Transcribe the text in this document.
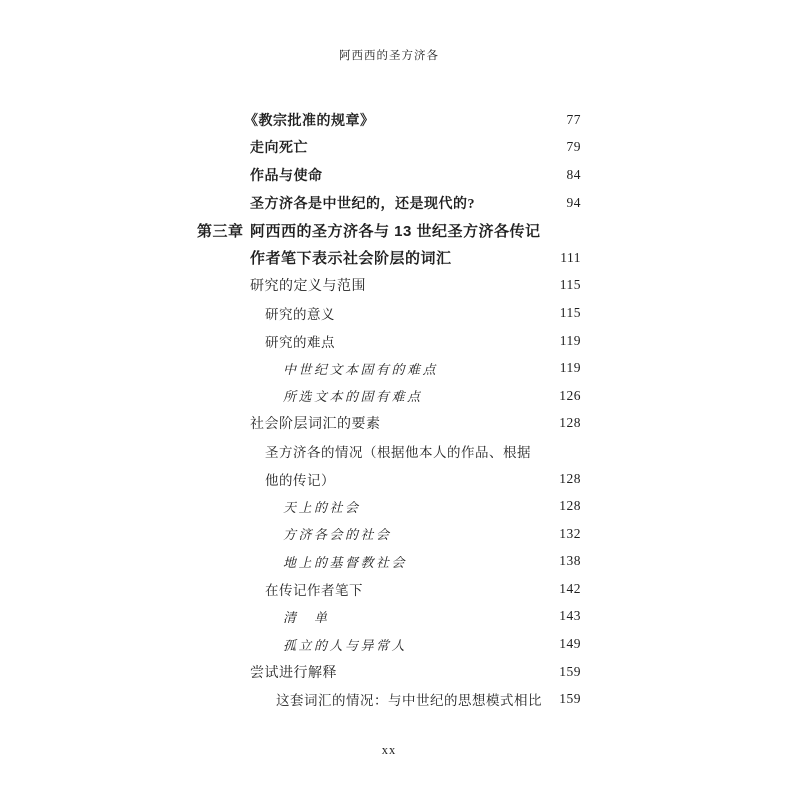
阿西西的圣方济各
《教宗批准的规章》	77
走向死亡	79
作品与使命	84
圣方济各是中世纪的，还是现代的?	94
第三章 阿西西的圣方济各与 13 世纪圣方济各传记
作者笔下表示社会阶层的词汇	111
研究的定义与范围	115
研究的意义	115
研究的难点	119
中世纪文本固有的难点	119
所选文本的固有难点	126
社会阶层词汇的要素	128
圣方济各的情况（根据他本人的作品、根据
他的传记）	128
天上的社会	128
方济各会的社会	132
地上的基督教社会	138
在传记作者笔下	142
清　单	143
孤立的人与异常人	149
尝试进行解释	159
这套词汇的情况：与中世纪的思想模式相比 159
xx
